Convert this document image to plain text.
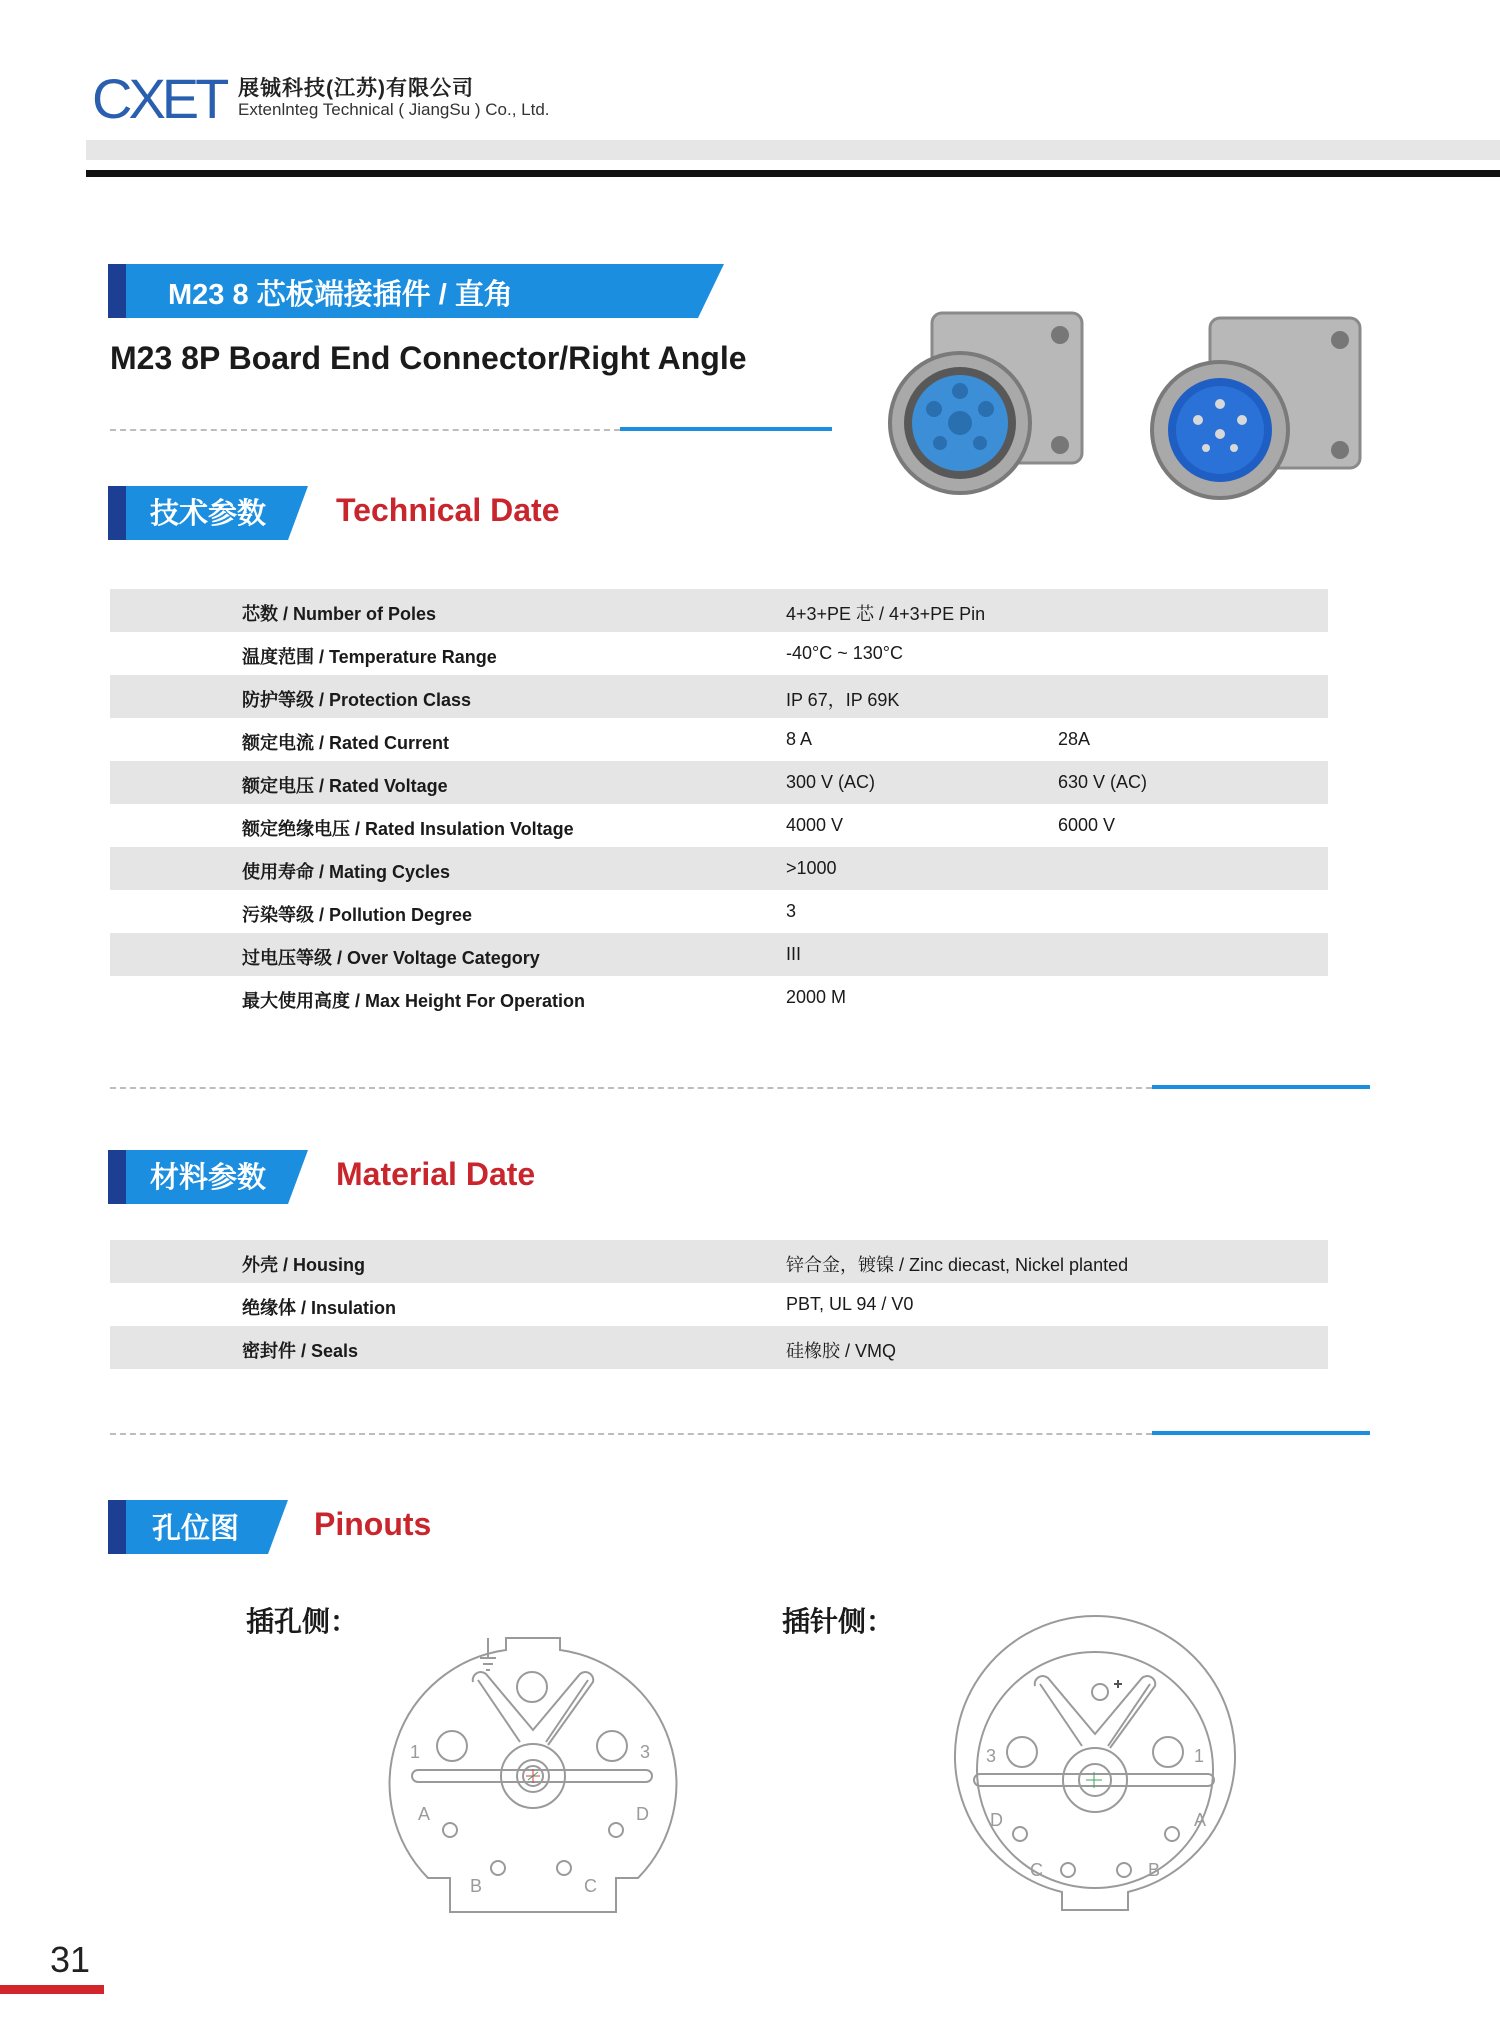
CXET 展铖科技(江苏)有限公司
Extenlnteg Technical ( JiangSu ) Co., Ltd.
M23 8 芯板端接插件 / 直角
M23 8P Board End Connector/Right Angle
技术参数 Technical Date
芯数 / Number of Poles	4+3+PE 芯 / 4+3+PE Pin
温度范围 / Temperature Range	-40°C ~ 130°C
防护等级 / Protection Class	IP 67，IP 69K
额定电流 / Rated Current	8 A	28A
额定电压 / Rated Voltage	300 V (AC)	630 V (AC)
额定绝缘电压 / Rated Insulation Voltage	4000 V	6000 V
使用寿命 / Mating Cycles	>1000
污染等级 / Pollution Degree	3
过电压等级 / Over Voltage Category	III
最大使用高度 / Max Height For Operation	2000 M
材料参数 Material Date
外壳 / Housing	锌合金，镀镍 / Zinc diecast, Nickel planted
绝缘体 / Insulation	PBT, UL 94 / V0
密封件 / Seals	硅橡胶 / VMQ
孔位图 Pinouts
插孔侧：	插针侧：
1	3
A	D
B	C
3	1
D	A
C	B
31
